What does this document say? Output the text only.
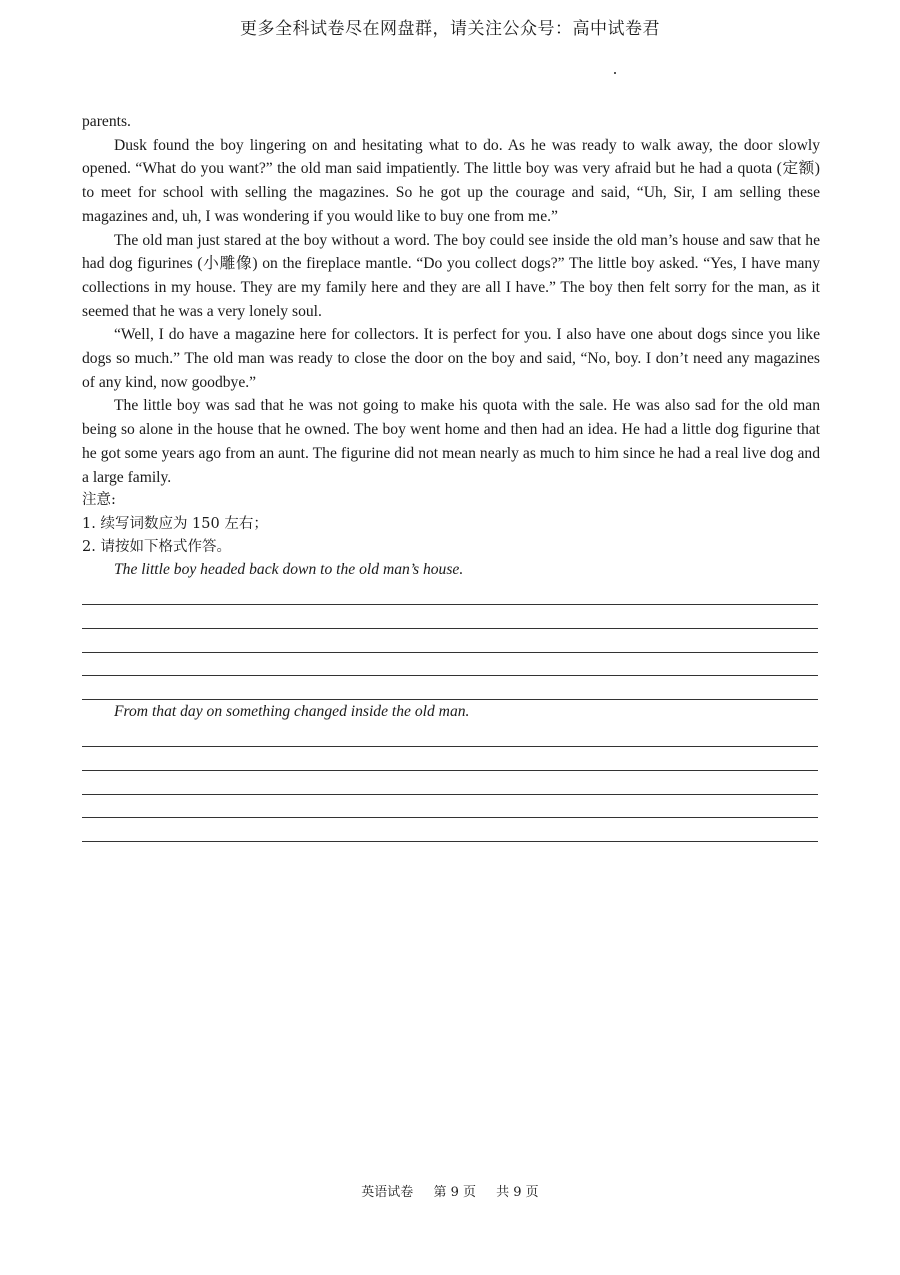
更多全科试卷尽在网盘群，请关注公众号：高中试卷君

parents.

Dusk found the boy lingering on and hesitating what to do. As he was ready to walk away, the door slowly opened. “What do you want?” the old man said impatiently. The little boy was very afraid but he had a quota (定额) to meet for school with selling the magazines. So he got up the courage and said, “Uh, Sir, I am selling these magazines and, uh, I was wondering if you would like to buy one from me.”

The old man just stared at the boy without a word. The boy could see inside the old man’s house and saw that he had dog figurines (小雕像) on the fireplace mantle. “Do you collect dogs?” The little boy asked. “Yes, I have many collections in my house. They are my family here and they are all I have.” The boy then felt sorry for the man, as it seemed that he was a very lonely soul.

“Well, I do have a magazine here for collectors. It is perfect for you. I also have one about dogs since you like dogs so much.” The old man was ready to close the door on the boy and said, “No, boy. I don’t need any magazines of any kind, now goodbye.”

The little boy was sad that he was not going to make his quota with the sale. He was also sad for the old man being so alone in the house that he owned. The boy went home and then had an idea. He had a little dog figurine that he got some years ago from an aunt. The figurine did not mean nearly as much to him since he had a real live dog and a large family.

注意:
1. 续写词数应为 150 左右；
2. 请按如下格式作答。
The little boy headed back down to the old man’s house.
From that day on something changed inside the old man.
英语试卷 第 9 页 共 9 页
